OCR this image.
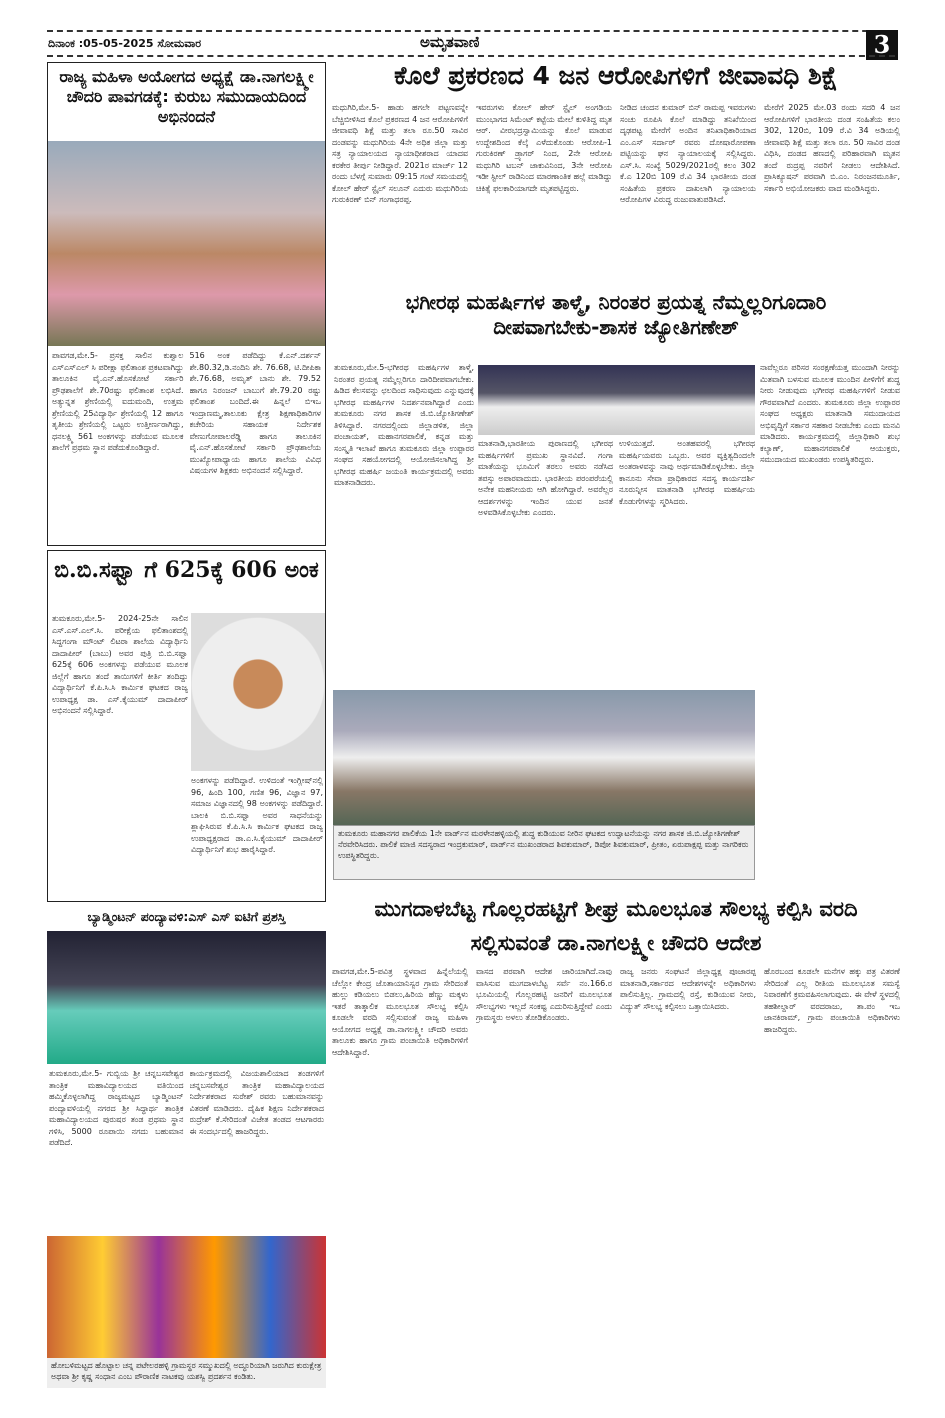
ದಿನಾಂಕ :05-05-2025 ಸೋಮವಾರ	ಅಮೃತವಾಣಿ	3
ರಾಜ್ಯ ಮಹಿಳಾ ಅಯೋಗದ ಅಧ್ಯಕ್ಷೆ ಡಾ.ನಾಗಲಕ್ಷ್ಮೀ ಚೌದರಿ ಪಾವಗಡಕ್ಕೆ: ಕುರುಬ ಸಮುದಾಯದಿಂದ ಅಭಿನಂದನೆ
ಪಾವಗಡ,ಮೇ.5- ಪ್ರಸಕ್ತ ಸಾಲಿನ ಕುಶ್ವಾಲ ಎಸ್ಎಸ್ಎಲ್ ಸಿ ಪರೀಕ್ಷಾ ಫಲಿತಾಂಶ ಪ್ರಕಟವಾಗಿದ್ದು ತಾಲೂಕಿನ ವೈ.ಎನ್.ಹೊಸಕೋಟೆ ಸರ್ಕಾರಿ ಪ್ರೌಢಶಾಲೆಗೆ ಶೇ.70ರಷ್ಟು ಫಲಿತಾಂಶ ಲಭಿಸಿದೆ. ಅತ್ಯುನ್ನತ ಶ್ರೇಣಿಯಲ್ಲಿ ಐದುಮಂದಿ, ಉತ್ತಮ ಶ್ರೇಣಿಯಲ್ಲಿ 25ವಿದ್ಯಾರ್ಥಿ ಶ್ರೇಣಿಯಲ್ಲಿ 12 ಹಾಗೂ ತೃತೀಯ ಶ್ರೇಣಿಯಲ್ಲಿ ಒಟ್ಟರು ಉತ್ತೀರ್ಣರಾಗಿದ್ದು, ಧನಲಕ್ಷ್ಮಿ 561 ಅಂಕಗಳನ್ನು ಪಡೆಯುವ ಮೂಲಕ ಶಾಲೆಗೆ ಪ್ರಥಮ ಸ್ಥಾನ ಪಡೆದುಕೊಂಡಿದ್ದಾರೆ.
516 ಅಂಕ ಪಡೆದಿದ್ದು ಕೆ.ಎನ್.ದರ್ಶನ್ ಶೇ.80.32,ಡಿ.ನಂದಿನಿ ಶೇ. 76.68, ಟಿ.ದೀಪಿಕಾ ಶೇ.76.68, ಅಮೃತ್ ಬಾನು ಶೇ. 79.52 ಹಾಗೂ ನಿರಂಜನ್ ಬಾಬುಗೆ ಶೇ.79.20 ರಷ್ಟು ಫಲಿತಾಂಶ ಬಂದಿದೆ.ಈ ಹಿನ್ನಲೆ ಬಿಇಒ ಇಂದ್ರಾಣಮ್ಮ,ತಾಲೂಕು ಕ್ಷೇತ್ರ ಶಿಕ್ಷಣಾಧಿಕಾರಿಗಳ ಕಚೇರಿಯ ಸಹಾಯಕ ನಿರ್ದೇಶಕ ವೇಣುಗೋಪಾಲರೆಡ್ಡಿ ಹಾಗೂ ತಾಲೂಕಿನ ವೈ.ಎನ್.ಹೊಸಕೋಟೆ ಸರ್ಕಾರಿ ಪ್ರೌಢಶಾಲೆಯ ಮುಖ್ಯೋಪಾಧ್ಯಾಯ ಹಾಗೂ ಶಾಲೆಯ ವಿವಿಧ ವಿಷಯಗಳ ಶಿಕ್ಷಕರು ಅಭಿನಂದನೆ ಸಲ್ಲಿಸಿದ್ದಾರೆ.
ಬಿ.ಬಿ.ಸಫ್ವಾ ಗೆ 625ಕ್ಕೆ 606 ಅಂಕ
ತುಮಕೂರು,ಮೇ.5- 2024-25ನೇ ಸಾಲಿನ ಎಸ್.ಎಸ್.ಎಲ್.ಸಿ. ಪರೀಕ್ಷೆಯ ಫಲಿತಾಂಶದಲ್ಲಿ ಸಿದ್ದಗಂಗಾ ಮೌಂಟ್ ಲಿಟರಾ ಶಾಲೆಯ ವಿದ್ಯಾರ್ಥಿನಿ ದಾದಾಪೀರ್ (ಬಾಬು) ಅವರ ಪುತ್ರಿ ಬಿ.ಬಿ.ಸಫ್ವಾ 625ಕ್ಕೆ 606 ಅಂಕಗಳನ್ನು ಪಡೆಯುವ ಮೂಲಕ ಜಿಲ್ಲೆಗೆ ಹಾಗೂ ತಂದೆ ತಾಯಿಗಳಿಗೆ ಕೀರ್ತಿ ತಂದಿದ್ದು ವಿದ್ಯಾರ್ಥಿನಿಗೆ ಕೆ.ಪಿ.ಸಿ.ಸಿ ಕಾರ್ಮಿಕ ಘಟಕದ ರಾಜ್ಯ ಉಪಾಧ್ಯಕ್ಷ ಡಾ. ಎಸ್.ಕೈಯುಮ್ ದಾದಾಪೀರ್ ಅಭಿನಂದನೆ ಸಲ್ಲಿಸಿದ್ದಾರೆ.
ಅಂಕಗಳನ್ನು ಪಡೆದಿದ್ದಾರೆ. ಉಳಿದಂತೆ ಇಂಗ್ಲೀಷ್‌ನಲ್ಲಿ 96, ಹಿಂದಿ 100, ಗಣಿತ 96, ವಿಜ್ಞಾನ 97, ಸಮಾಜ ವಿಜ್ಞಾನದಲ್ಲಿ 98 ಅಂಕಗಳನ್ನು ಪಡೆದಿದ್ದಾರೆ. ಬಾಲಕಿ ಬಿ.ಬಿ.ಸಫ್ವಾ ಅವರ ಸಾಧನೆಯನ್ನು ಶ್ಲಾಘಿಸಿರುವ ಕೆ.ಪಿ.ಸಿ.ಸಿ ಕಾರ್ಮಿಕ ಘಟಕದ ರಾಜ್ಯ ಉಪಾಧ್ಯಕ್ಷರಾದ ಡಾ.ಎ.ಸಿ.ಕೈಯುಮ್ ದಾದಾಪೀರ್ ವಿದ್ಯಾರ್ಥಿನಿಗೆ ಶುಭ ಹಾರೈಸಿದ್ದಾರೆ.
ಬ್ಯಾಡ್ಮಿಂಟನ್ ಪಂದ್ಯಾವಳಿ:ಎಸ್ ಎಸ್ ಐಟಿಗೆ ಪ್ರಶಸ್ತಿ
ತುಮಕೂರು,ಮೇ.5- ಗುಬ್ಬಿಯ ಶ್ರೀ ಚನ್ನಬಸವೇಶ್ವರ ತಾಂತ್ರಿಕ ಮಹಾವಿದ್ಯಾಲಯದ ವತಿಯಿಂದ ಹಮ್ಮಿಕೊಳ್ಳಲಾಗಿದ್ದ ರಾಜ್ಯಮಟ್ಟದ ಬ್ಯಾಡ್ಮಿಂಟನ್ ಪಂದ್ಯಾವಳಿಯಲ್ಲಿ ನಗರದ ಶ್ರೀ ಸಿದ್ಧಾರ್ಥ ತಾಂತ್ರಿಕ ಮಹಾವಿದ್ಯಾಲಯದ ಪುರುಷರ ತಂಡ ಪ್ರಥಮ ಸ್ಥಾನ ಗಳಿಸಿ, 5000 ರೂಪಾಯಿ ನಗದು ಬಹುಮಾನ ಪಡೆದಿದೆ.
ಕಾರ್ಯಕ್ರಮದಲ್ಲಿ ವಿಜಯಶಾಲಿಯಾದ ತಂಡಗಳಿಗೆ ಚನ್ನಬಸವೇಶ್ವರ ತಾಂತ್ರಿಕ ಮಹಾವಿದ್ಯಾಲಯದ ನಿರ್ದೇಶಕರಾದ ಸುರೇಶ್ ರವರು ಬಹುಮಾನವನ್ನು ವಿತರಣೆ ಮಾಡಿದರು. ದೈಹಿಕ ಶಿಕ್ಷಣ ನಿರ್ದೇಶಕರಾದ ರುದ್ರೇಶ್ ಕೆ.ಸೇರಿದಂತೆ ವಿಜೇತ ತಂಡದ ಆಟಗಾರರು ಈ ಸಂದರ್ಭದಲ್ಲಿ ಹಾಜರಿದ್ದರು.
ಹೋಬಳಿಮಟ್ಟದ ಹೊಟ್ಟಾಲ ಚನ್ನ ಪಟೇಲರಹಳ್ಳಿ ಗ್ರಾಮಸ್ಥರ ಸಮ್ಮುಖದಲ್ಲಿ ಅದ್ಧೂರಿಯಾಗಿ ಜರುಗಿದ ಕುರುಕ್ಷೇತ್ರ ಅಥವಾ ಶ್ರೀ ಕೃಷ್ಣ ಸಂಧಾನ ಎಂಬ ಪೌರಾಣಿಕ ನಾಟಕವು ಯಶಸ್ವಿ ಪ್ರದರ್ಶನ ಕಂಡಿತು.
ಕೊಲೆ ಪ್ರಕರಣದ 4 ಜನ ಆರೋಪಿಗಳಿಗೆ ಜೀವಾವಧಿ ಶಿಕ್ಷೆ
ಮಧುಗಿರಿ,ಮೇ.5- ಹಾಡು ಹಗಲೇ ಪಟ್ಟಣವನ್ನೇ ಬೆಚ್ಚಿಬೀಳಿಸಿದ ಕೊಲೆ ಪ್ರಕರಣದ 4 ಜನ ಆರೋಪಿಗಳಿಗೆ ಜೀವಾವಧಿ ಶಿಕ್ಷೆ ಮತ್ತು ತಲಾ ರೂ.50 ಸಾವಿರ ದಂಡವನ್ನು ಮಧುಗಿರಿಯ 4ನೇ ಅಧಿಕ ಜಿಲ್ಲಾ ಮತ್ತು ಸತ್ರ ನ್ಯಾಯಾಲಯದ ನ್ಯಾಯಾಧೀಶರಾದ ಯಾದವ ಕರಕೇರ ತೀರ್ಪು ನೀಡಿದ್ದಾರೆ. 2021ರ ಮಾರ್ಚ್ 12 ರಂದು ಬೆಳಗ್ಗೆ ಸುಮಾರು 09:15 ಗಂಟೆ ಸಮಯದಲ್ಲಿ ಕೋಲ್ ಹೇರ್ ಸ್ಟೈಲ್ ಸಲೂನ್ ಎದುರು ಮಧುಗಿರಿಯ ಗುರುಕಿರಣ್ ಬಿನ್ ಗಂಗಾಧರಪ್ಪ.
ಇವರುಗಳು ಕೋಲ್ ಹೇರ್ ಸ್ಟೈಲ್ ಅಂಗಡಿಯ ಮುಂಭಾಗದ ಸಿಮೆಂಟ್ ಕಟ್ಟೆಯ ಮೇಲೆ ಕುಳಿತಿದ್ದ ಮೃತ ಆರ್. ವೀರಭದ್ರಸ್ವಾಮಿಯನ್ನು ಕೊಲೆ ಮಾಡುವ ಉದ್ದೇಶದಿಂದ ಕೆಲ್ಕೆ ಎಳೆದುಕೊಂಡು ಆರೋಪಿ-1 ಗುರುಕಿರಣ್ ಡ್ರ್ಯಾಗರ್ ನಿಂದ, 2ನೇ ಆರೋಪಿ ಮಧುಗಿರಿ ಟಬನ್ ಜಾಕುವಿನಿಂದ, 3ನೇ ಆರೋಪಿ ಇಡೀ ಸ್ಟೀಲ್ ರಾಡಿನಿಂದ ಮಾರಣಾಂತಿಕ ಹಲ್ಲೆ ಮಾಡಿದ್ದು ಚಿಕಿತ್ಸೆ ಫಲಕಾರಿಯಾಗದೇ ಮೃತಪಟ್ಟಿದ್ದರು.
ನೀಡಿದ ಚಂದನ ಕುಮಾರ್ ಬಿನ್ ರಾಮಪ್ಪ ಇವರುಗಳು ಸಂಚು ರೂಪಿಸಿ ಕೊಲೆ ಮಾಡಿದ್ದು ತನಿಖೆಯಿಂದ ದೃಢಪಟ್ಟ ಮೇರೆಗೆ ಅಂದಿನ ತನಿಖಾಧಿಕಾರಿಯಾದ ಎಂ.ಎಸ್ ಸರ್ದಾರ್ ರವರು ದೋಷಾರೋಪಣಾ ಪಟ್ಟಿಯನ್ನು ಘನ ನ್ಯಾಯಾಲಯಕ್ಕೆ ಸಲ್ಲಿಸಿದ್ದರು. ಎಸ್.ಸಿ. ಸಂಖ್ಯೆ 5029/2021ರಲ್ಲಿ ಕಲಂ 302 ಕೆ.ಎ 120ಬಿ 109 ರೆ.ವಿ 34 ಭಾರತೀಯ ದಂಡ ಸಂಹಿತೆಯ ಪ್ರಕರಣ ದಾಖಲಾಗಿ ನ್ಯಾಯಾಲಯ ಆರೋಪಿಗಳ ವಿರುದ್ಧ ರುಜುವಾತುಪಡಿಸಿದೆ.
ಮೇರೆಗೆ 2025 ಮೇ.03 ರಂದು ಸದರಿ 4 ಜನ ಆರೋಪಿಗಳಿಗೆ ಭಾರತೀಯ ದಂಡ ಸಂಹಿತೆಯ ಕಲಂ 302, 120ಬಿ, 109 ರೆ.ವಿ 34 ಅಡಿಯಲ್ಲಿ ಜೀವಾವಧಿ ಶಿಕ್ಷೆ ಮತ್ತು ತಲಾ ರೂ. 50 ಸಾವಿರ ದಂಡ ವಿಧಿಸಿ, ದಂಡದ ಹಣದಲ್ಲಿ ಪರಿಹಾರವಾಗಿ ಮೃತನ ತಂದೆ ರುದ್ರಪ್ಪ ನವರಿಗೆ ನೀಡಲು ಆದೇಶಿಸಿದೆ. ಪ್ರಾಸಿಕ್ಯೂಷನ್ ಪರವಾಗಿ ಬಿ.ಎಂ. ನಿರಂಜನಮೂರ್ತಿ, ಸರ್ಕಾರಿ ಅಭಿಯೋಜಕರು ವಾದ ಮಂಡಿಸಿದ್ದರು.
ಭಗೀರಥ ಮಹರ್ಷಿಗಳ ತಾಳ್ಮೆ, ನಿರಂತರ ಪ್ರಯತ್ನ ನೆಮ್ಮಲ್ಲರಿಗೂದಾರಿ ದೀಪವಾಗಬೇಕು-ಶಾಸಕ ಜ್ಯೋತಿಗಣೇಶ್
ತುಮಕೂರು,ಮೇ.5-ಭಗೀರಥ ಮಹರ್ಷಿಗಳ ತಾಳ್ಮೆ, ನಿರಂತರ ಪ್ರಯತ್ನ ನಮ್ಮೆಲ್ಲರಿಗೂ ದಾರಿದೀಪವಾಗಬೇಕು. ಹಿಡಿದ ಕೆಲಸವನ್ನು ಛಲದಿಂದ ಸಾಧಿಸುವುದು ಎನ್ನುವುದಕ್ಕೆ ಭಗೀರಥ ಮಹರ್ಷಿಗಳ ನಿದರ್ಶನವಾಗಿದ್ದಾರೆ ಎಂದು ತುಮಕೂರು ನಗರ ಶಾಸಕ ಜಿ.ಬಿ.ಜ್ಯೋತಿಗಣೇಶ್ ತಿಳಿಸಿದ್ದಾರೆ. ನಗರದಲ್ಲಿಂದು ಜಿಲ್ಲಾಡಳಿತ, ಜಿಲ್ಲಾ ಪಂಚಾಯತ್, ಮಹಾನಗರಪಾಲಿಕೆ, ಕನ್ನಡ ಮತ್ತು ಸಂಸ್ಕೃತಿ ಇಲಾಖೆ ಹಾಗೂ ತುಮಕೂರು ಜಿಲ್ಲಾ ಉಪ್ಪಾರರ ಸಂಘದ ಸಹಯೋಗದಲ್ಲಿ ಆಯೋಜಿಸಲಾಗಿದ್ದ ಶ್ರೀ ಭಗೀರಥ ಮಹರ್ಷಿ ಜಯಂತಿ ಕಾರ್ಯಕ್ರಮದಲ್ಲಿ ಅವರು ಮಾತನಾಡಿದರು.
ಮಾತನಾಡಿ,ಭಾರತೀಯ ಪುರಾಣದಲ್ಲಿ ಭಗೀರಥ ಮಹರ್ಷಿಗಳಿಗೆ ಪ್ರಮುಖ ಸ್ಥಾನವಿದೆ. ಗಂಗಾ ಮಾತೆಯನ್ನು ಭೂಮಿಗೆ ತರಲು ಅವರು ನಡೆಸಿದ ತಪಸ್ಸು ಅಪಾರವಾದುದು. ಭಾರತೀಯ ಪರಂಪರೆಯಲ್ಲಿ ಅನೇಕ ಮಹನೀಯರು ಆಗಿ ಹೋಗಿದ್ದಾರೆ. ಅವರೆಲ್ಲರ ಆದರ್ಶಗಳನ್ನು ಇಂದಿನ ಯುವ ಜನತೆ ಅಳವಡಿಸಿಕೊಳ್ಳಬೇಕು ಎಂದರು.
ಉಳಿಯುತ್ತದೆ. ಅಂತಹವರಲ್ಲಿ ಭಗೀರಥ ಮಹರ್ಷಿಯವರು ಒಬ್ಬರು. ಅವರ ವ್ಯಕ್ತಿತ್ವದಿಂದಲೇ ಅಂತರಾಳವನ್ನು ನಾವು ಅರ್ಥಮಾಡಿಕೊಳ್ಳಬೇಕು. ಜಿಲ್ಲಾ ಕಾನೂನು ಸೇವಾ ಪ್ರಾಧಿಕಾರದ ಸದಸ್ಯ ಕಾರ್ಯದರ್ಶಿ ನೂರುನ್ನೀಸ ಮಾತನಾಡಿ ಭಗೀರಥ ಮಹರ್ಷಿಯ ಕೊಡುಗೆಗಳನ್ನು ಸ್ಮರಿಸಿದರು.
ನಾವೆಲ್ಲರೂ ಪರಿಸರ ಸಂರಕ್ಷಣೆಯತ್ತ ಮುಂದಾಗಿ ನೀರನ್ನು ಮಿತವಾಗಿ ಬಳಸುವ ಮೂಲಕ ಮುಂದಿನ ಪೀಳಿಗೆಗೆ ಶುದ್ಧ ನೀರು ನೀಡುವುದು ಭಗೀರಥ ಮಹರ್ಷಿಗಳಿಗೆ ನೀಡುವ ಗೌರವವಾಗಿದೆ ಎಂದರು. ತುಮಕೂರು ಜಿಲ್ಲಾ ಉಪ್ಪಾರರ ಸಂಘದ ಅಧ್ಯಕ್ಷರು ಮಾತನಾಡಿ ಸಮುದಾಯದ ಅಭಿವೃದ್ಧಿಗೆ ಸರ್ಕಾರ ಸಹಕಾರ ನೀಡಬೇಕು ಎಂದು ಮನವಿ ಮಾಡಿದರು. ಕಾರ್ಯಕ್ರಮದಲ್ಲಿ ಜಿಲ್ಲಾಧಿಕಾರಿ ಶುಭ ಕಲ್ಯಾಣ್, ಮಹಾನಗರಪಾಲಿಕೆ ಆಯುಕ್ತರು, ಸಮುದಾಯದ ಮುಖಂಡರು ಉಪಸ್ಥಿತರಿದ್ದರು.
ತುಮಕೂರು ಮಹಾನಗರ ಪಾಲಿಕೆಯ 1ನೇ ವಾರ್ಡ್‌ನ ಮರಳೇನಹಳ್ಳಿಯಲ್ಲಿ ಶುದ್ಧ ಕುಡಿಯುವ ನೀರಿನ ಘಟಕದ ಉದ್ಘಾಟನೆಯನ್ನು ನಗರ ಶಾಸಕ ಜಿ.ಬಿ.ಜ್ಯೋತಿಗಣೇಶ್ ನೆರವೇರಿಸಿದರು. ಪಾಲಿಕೆ ಮಾಜಿ ಸದಸ್ಯರಾದ ಇಂದ್ರಕುಮಾರ್, ವಾರ್ಡ್‌ನ ಮುಖಂಡರಾದ ಶಿವಕುಮಾರ್, ಡಿಪೋ ಶಿವಕುಮಾರ್, ಪ್ರೀತಂ, ಏರುಪಾಕ್ಷಪ್ಪ ಮತ್ತು ನಾಗರಿಕರು ಉಪಸ್ಥಿತರಿದ್ದರು.
ಮುಗದಾಳಬೆಟ್ಟ ಗೊಲ್ಲರಹಟ್ಟಿಗೆ ಶೀಘ್ರ ಮೂಲಭೂತ ಸೌಲಭ್ಯ ಕಲ್ಪಿಸಿ ವರದಿ ಸಲ್ಲಿಸುವಂತೆ ಡಾ.ನಾಗಲಕ್ಷ್ಮೀ ಚೌದರಿ ಆದೇಶ
ಪಾವಗಡ,ಮೇ.5-ಪವಿತ್ರ ಸ್ಥಳವಾದ ಹಿನ್ನೆಲೆಯಲ್ಲಿ ಚೆಲ್ಲೋ ಕೇಂದ್ರ ಜೊತಾಯಾನಿಸ್ವರ ಗ್ರಾಮ ಸೇರಿದಂತೆ ಹುಲ್ಲು ಕಡಿಯಲು ಬಿಡಲು,ಹಿರಿಯ ಹೆಣ್ಣು ಮಕ್ಕಳು ಇತರೆ ತಾತ್ಕಾಲಿಕ ಮೂಲಭೂತ ಸೌಲಭ್ಯ ಕಲ್ಪಿಸಿ ಕೂಡಲೇ ವರದಿ ಸಲ್ಲಿಸುವಂತೆ ರಾಜ್ಯ ಮಹಿಳಾ ಆಯೋಗದ ಅಧ್ಯಕ್ಷೆ ಡಾ.ನಾಗಲಕ್ಷ್ಮೀ ಚೌದರಿ ಅವರು ತಾಲೂಕು ಹಾಗೂ ಗ್ರಾಮ ಪಂಚಾಯಿತಿ ಅಧಿಕಾರಿಗಳಿಗೆ ಆದೇಶಿಸಿದ್ದಾರೆ.
ವಾಸದ ಪರವಾಗಿ ಆದೇಶ ಜಾರಿಯಾಗಿದೆ.ನಾವು ವಾಸಿಸುವ ಮುಗದಾಳಬೆಟ್ಟ ಸರ್ವೆ ನಂ.166.ರ ಭೂಮಿಯಲ್ಲಿ ಗೊಲ್ಲರಹಟ್ಟಿ ಜನರಿಗೆ ಮೂಲಭೂತ ಸೌಲಭ್ಯಗಳು ಇಲ್ಲದೆ ಸಂಕಷ್ಟ ಎದುರಿಸುತ್ತಿದ್ದೇವೆ ಎಂದು ಗ್ರಾಮಸ್ಥರು ಅಳಲು ತೋಡಿಕೊಂಡರು.
ರಾಜ್ಯ ಜನರು ಸಂಘಟನೆ ಜಿಲ್ಲಾಧ್ಯಕ್ಷ ಪೂಜಾರಪ್ಪ ಮಾತನಾಡಿ,ಸರ್ಕಾರದ ಆದೇಶಗಳನ್ನೇ ಅಧಿಕಾರಿಗಳು ಪಾಲಿಸುತ್ತಿಲ್ಲ. ಗ್ರಾಮದಲ್ಲಿ ರಸ್ತೆ, ಕುಡಿಯುವ ನೀರು, ವಿದ್ಯುತ್ ಸೌಲಭ್ಯ ಕಲ್ಪಿಸಲು ಒತ್ತಾಯಿಸಿದರು.
ಹೊರಬಂದ ಕೂಡಲೇ ಮನೆಗಳ ಹಕ್ಕು ಪತ್ರ ವಿತರಣೆ ಸೇರಿದಂತೆ ಎಲ್ಲ ರೀತಿಯ ಮೂಲಭೂತ ಸಮಸ್ಯೆ ನಿವಾರಣೆಗೆ ಕ್ರಮವಹಿಸಲಾಗುವುದು. ಈ ವೇಳೆ ಸ್ಥಳದಲ್ಲಿ ತಹಶೀಲ್ದಾರ್ ವರದರಾಜು, ತಾ.ಪಂ ಇಒ ಜಾನಕಿರಾಮ್, ಗ್ರಾಮ ಪಂಚಾಯಿತಿ ಅಧಿಕಾರಿಗಳು ಹಾಜರಿದ್ದರು.
